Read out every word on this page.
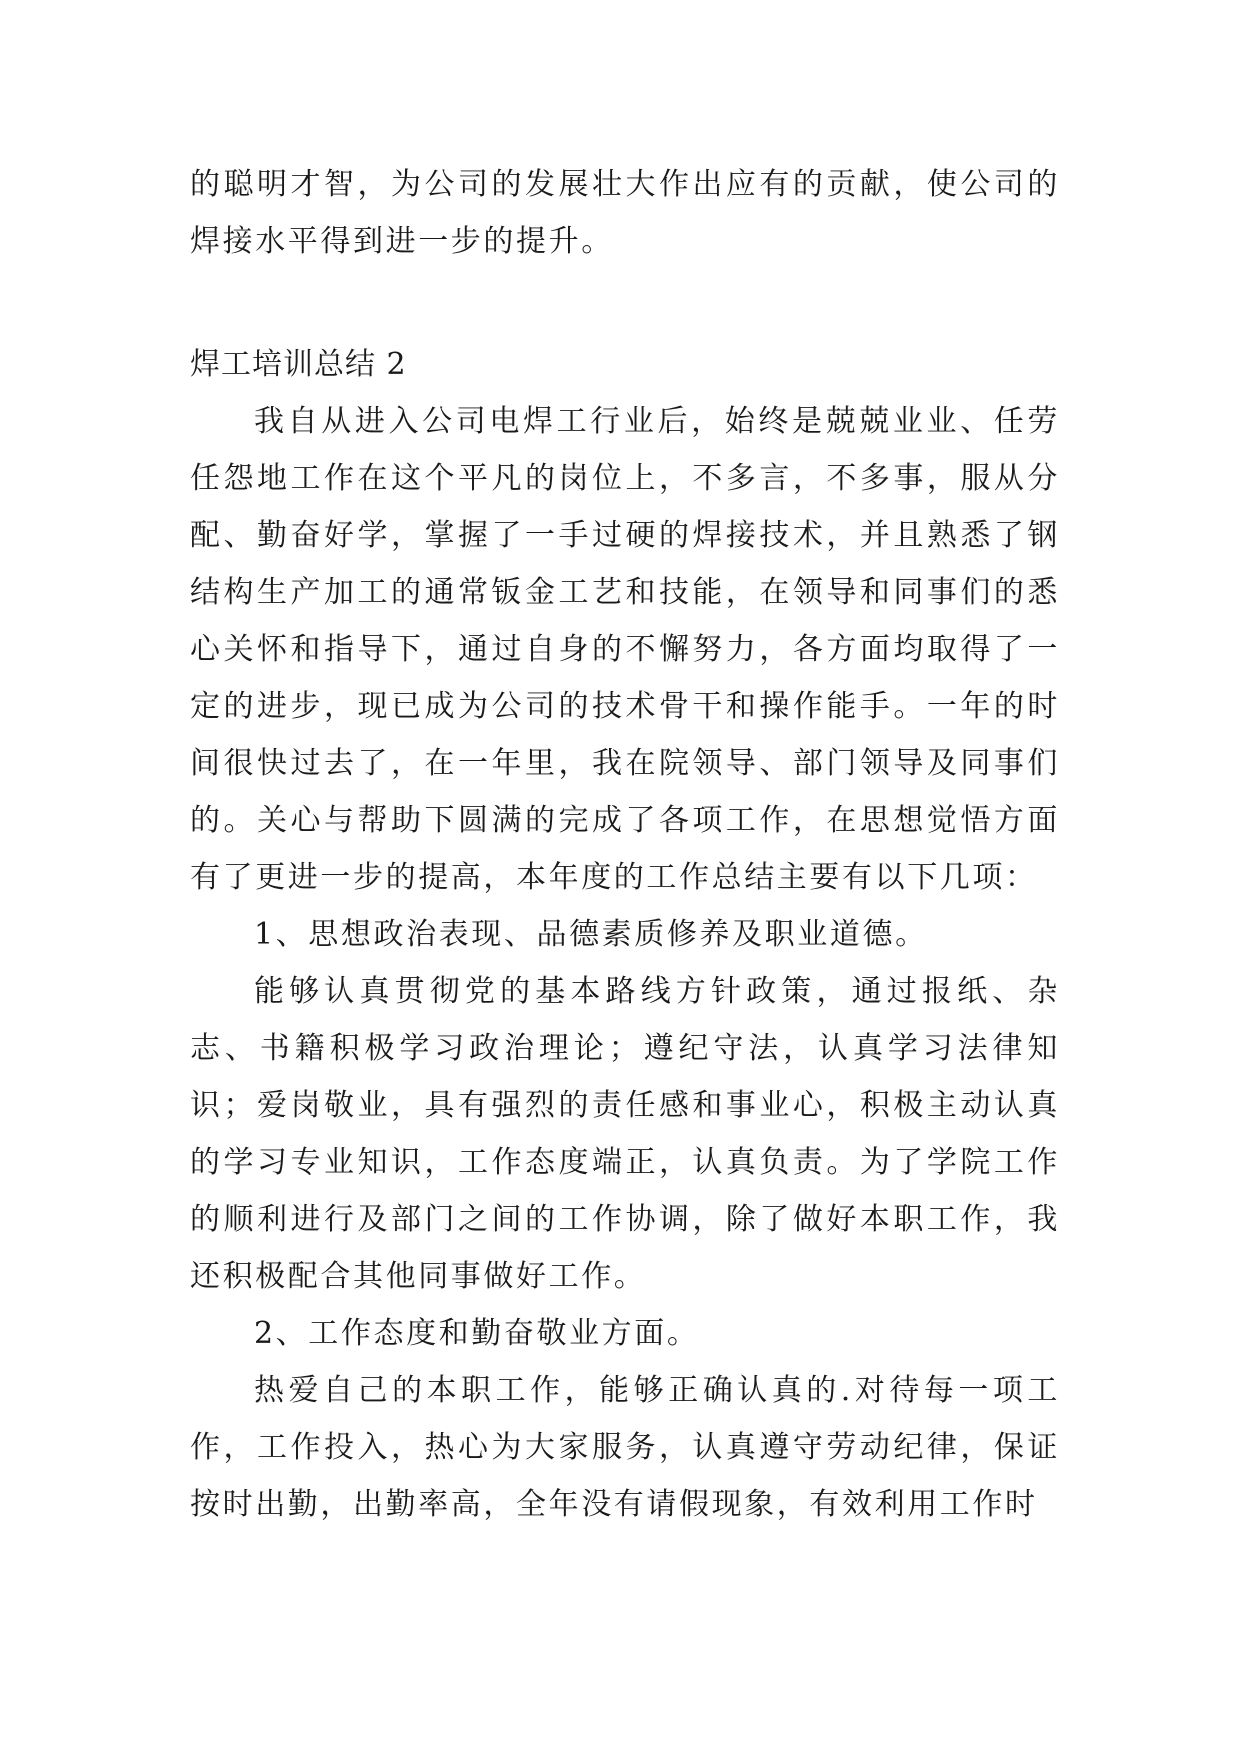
的聪明才智，为公司的发展壮大作出应有的贡献，使公司的焊接水平得到进一步的提升。

焊工培训总结 2

我自从进入公司电焊工行业后，始终是兢兢业业、任劳任怨地工作在这个平凡的岗位上，不多言，不多事，服从分配、勤奋好学，掌握了一手过硬的焊接技术，并且熟悉了钢结构生产加工的通常钣金工艺和技能，在领导和同事们的悉心关怀和指导下，通过自身的不懈努力，各方面均取得了一定的进步，现已成为公司的技术骨干和操作能手。一年的时间很快过去了，在一年里，我在院领导、部门领导及同事们的。关心与帮助下圆满的完成了各项工作，在思想觉悟方面有了更进一步的提高，本年度的工作总结主要有以下几项：

1、思想政治表现、品德素质修养及职业道德。

能够认真贯彻党的基本路线方针政策，通过报纸、杂志、书籍积极学习政治理论；遵纪守法，认真学习法律知识；爱岗敬业，具有强烈的责任感和事业心，积极主动认真的学习专业知识，工作态度端正，认真负责。为了学院工作的顺利进行及部门之间的工作协调，除了做好本职工作，我还积极配合其他同事做好工作。

2、工作态度和勤奋敬业方面。

热爱自己的本职工作，能够正确认真的.对待每一项工作，工作投入，热心为大家服务，认真遵守劳动纪律，保证按时出勤，出勤率高，全年没有请假现象，有效利用工作时
